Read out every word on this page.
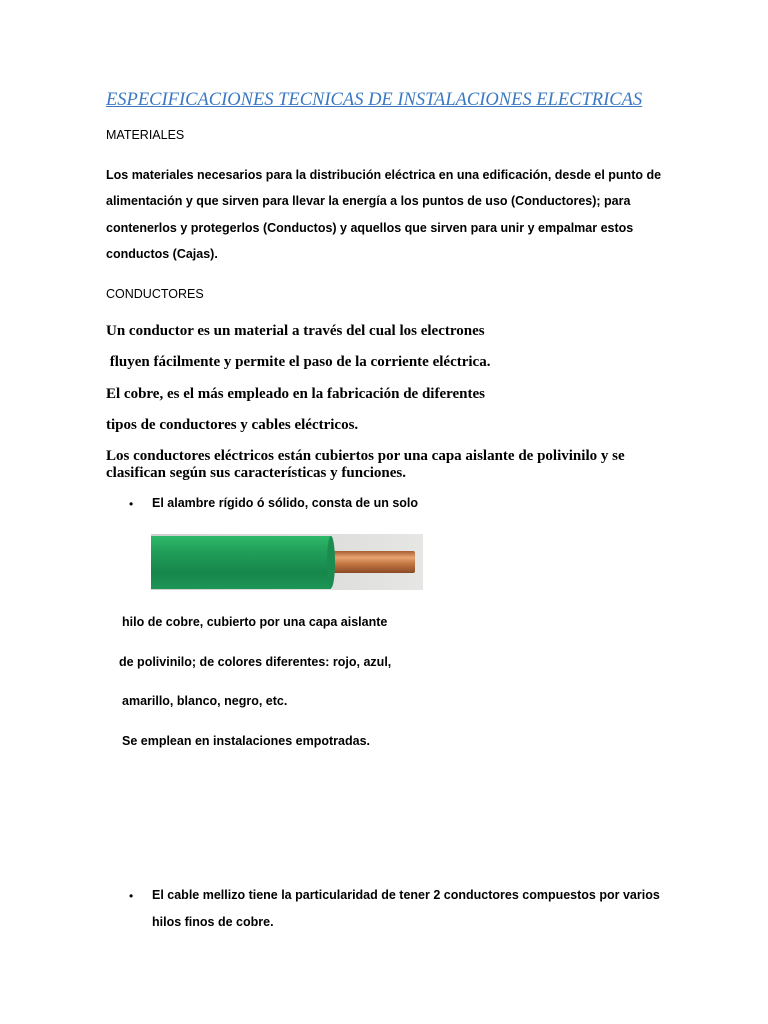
ESPECIFICACIONES TECNICAS DE INSTALACIONES ELECTRICAS
MATERIALES
Los materiales necesarios para la distribución eléctrica en una edificación, desde el punto de
alimentación y que sirven para llevar la energía a los puntos de uso (Conductores); para
contenerlos y protegerlos (Conductos) y aquellos que sirven para unir y empalmar estos
conductos (Cajas).
CONDUCTORES
Un conductor es un material a través del cual los electrones
fluyen fácilmente y permite el paso de la corriente eléctrica.
El cobre, es el más empleado en la fabricación de diferentes
tipos de conductores y cables eléctricos.
Los conductores eléctricos están cubiertos por una capa aislante de polivinilo y se
clasifican según sus características y funciones.
• El alambre rígido ó sólido, consta de un solo
hilo de cobre, cubierto por una capa aislante
de polivinilo; de colores diferentes: rojo, azul,
amarillo, blanco, negro, etc.
Se emplean en instalaciones empotradas.
• El cable mellizo tiene la particularidad de tener 2 conductores compuestos por varios
hilos finos de cobre.
